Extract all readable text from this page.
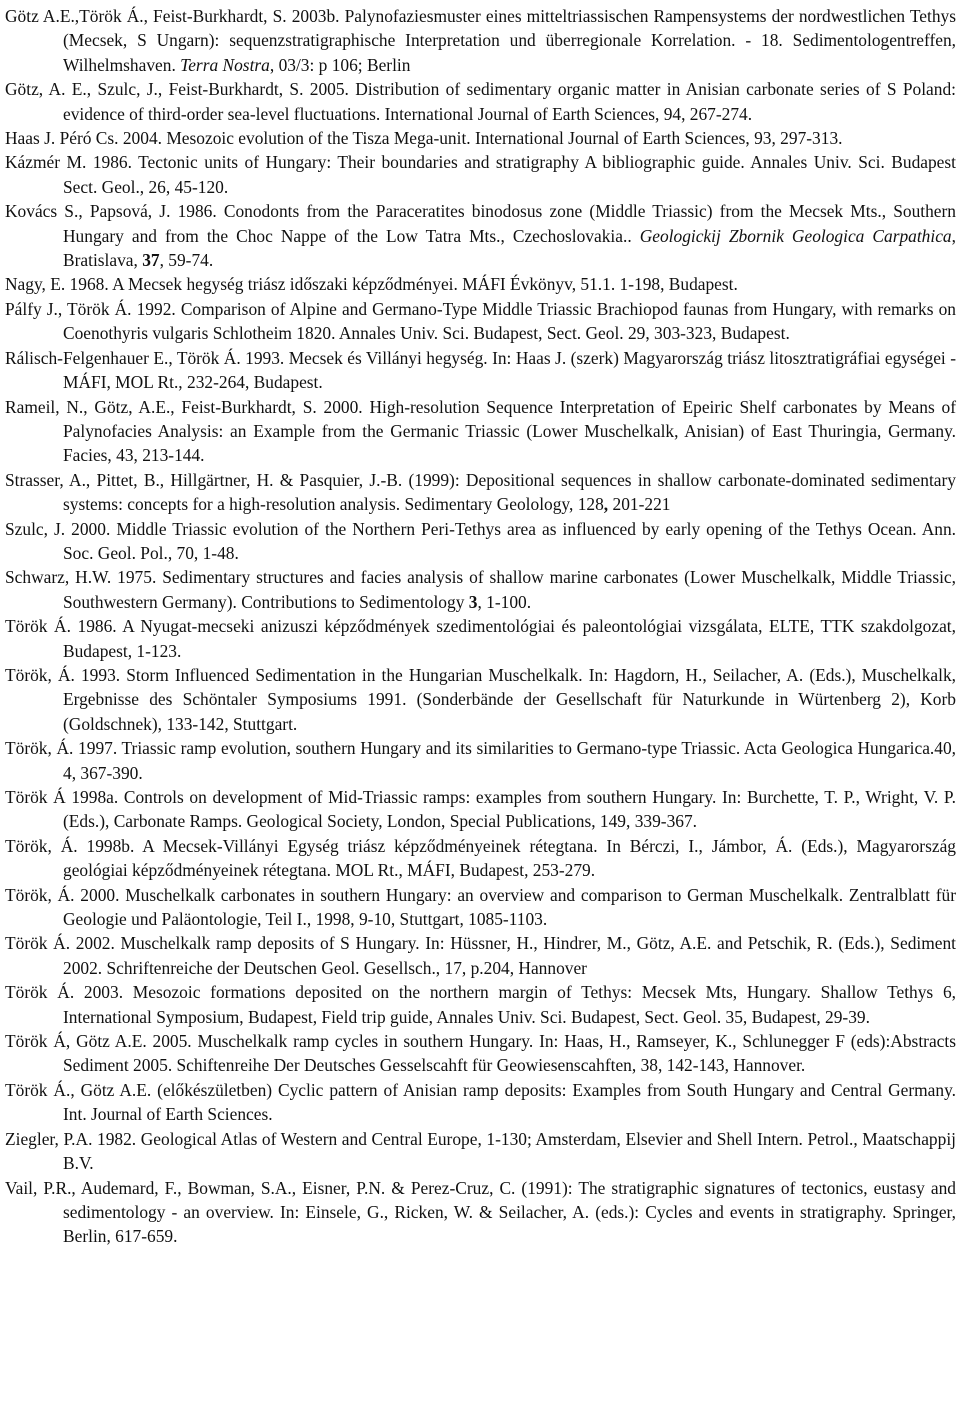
Götz A.E.,Török Á., Feist-Burkhardt, S. 2003b. Palynofaziesmuster eines mitteltriassischen Rampensystems der nordwestlichen Tethys (Mecsek, S Ungarn): sequenzstratigraphische Interpretation und überregionale Korrelation. - 18. Sedimentologentreffen, Wilhelmshaven. Terra Nostra, 03/3: p 106; Berlin

Götz, A. E., Szulc, J., Feist-Burkhardt, S. 2005. Distribution of sedimentary organic matter in Anisian carbonate series of S Poland: evidence of third-order sea-level fluctuations. International Journal of Earth Sciences, 94, 267-274.

Haas J. Péró Cs. 2004. Mesozoic evolution of the Tisza Mega-unit. International Journal of Earth Sciences, 93, 297-313.

Kázmér M. 1986. Tectonic units of Hungary: Their boundaries and stratigraphy A bibliographic guide. Annales Univ. Sci. Budapest Sect. Geol., 26, 45-120.

Kovács S., Papsová, J. 1986. Conodonts from the Paraceratites binodosus zone (Middle Triassic) from the Mecsek Mts., Southern Hungary and from the Choc Nappe of the Low Tatra Mts., Czechoslovakia.. Geologickij Zbornik Geologica Carpathica, Bratislava, 37, 59-74.

Nagy, E. 1968. A Mecsek hegység triász időszaki képződményei. MÁFI Évkönyv, 51.1. 1-198, Budapest.

Pálfy J., Török Á. 1992. Comparison of Alpine and Germano-Type Middle Triassic Brachiopod faunas from Hungary, with remarks on Coenothyris vulgaris Schlotheim 1820. Annales Univ. Sci. Budapest, Sect. Geol. 29, 303-323, Budapest.

Rálisch-Felgenhauer E., Török Á. 1993. Mecsek és Villányi hegység. In: Haas J. (szerk) Magyarország triász litosztratigráfiai egységei - MÁFI, MOL Rt., 232-264, Budapest.

Rameil, N., Götz, A.E., Feist-Burkhardt, S. 2000. High-resolution Sequence Interpretation of Epeiric Shelf carbonates by Means of Palynofacies Analysis: an Example from the Germanic Triassic (Lower Muschelkalk, Anisian) of East Thuringia, Germany. Facies, 43, 213-144.

Strasser, A., Pittet, B., Hillgärtner, H. & Pasquier, J.-B. (1999): Depositional sequences in shallow carbonate-dominated sedimentary systems: concepts for a high-resolution analysis. Sedimentary Geolology, 128, 201-221

Szulc, J. 2000. Middle Triassic evolution of the Northern Peri-Tethys area as influenced by early opening of the Tethys Ocean. Ann. Soc. Geol. Pol., 70, 1-48.

Schwarz, H.W. 1975. Sedimentary structures and facies analysis of shallow marine carbonates (Lower Muschelkalk, Middle Triassic, Southwestern Germany). Contributions to Sedimentology 3, 1-100.

Török Á. 1986. A Nyugat-mecseki anizuszi képződmények szedimentológiai és paleontológiai vizsgálata, ELTE, TTK szakdolgozat, Budapest, 1-123.

Török, Á. 1993. Storm Influenced Sedimentation in the Hungarian Muschelkalk. In: Hagdorn, H., Seilacher, A. (Eds.), Muschelkalk, Ergebnisse des Schöntaler Symposiums 1991. (Sonderbände der Gesellschaft für Naturkunde in Würtenberg 2), Korb (Goldschnek), 133-142, Stuttgart.

Török, Á. 1997. Triassic ramp evolution, southern Hungary and its similarities to Germano-type Triassic. Acta Geologica Hungarica.40, 4, 367-390.

Török Á 1998a. Controls on development of Mid-Triassic ramps: examples from southern Hungary. In: Burchette, T. P., Wright, V. P. (Eds.), Carbonate Ramps. Geological Society, London, Special Publications, 149, 339-367.

Török, Á. 1998b. A Mecsek-Villányi Egység triász képződményeinek rétegtana. In Bérczi, I., Jámbor, Á. (Eds.), Magyarország geológiai képződményeinek rétegtana. MOL Rt., MÁFI, Budapest, 253-279.

Török, Á. 2000. Muschelkalk carbonates in southern Hungary: an overview and comparison to German Muschelkalk. Zentralblatt für Geologie und Paläontologie, Teil I., 1998, 9-10, Stuttgart, 1085-1103.

Török Á. 2002. Muschelkalk ramp deposits of S Hungary. In: Hüssner, H., Hindrer, M., Götz, A.E. and Petschik, R. (Eds.), Sediment 2002. Schriftenreiche der Deutschen Geol. Gesellsch., 17, p.204, Hannover

Török Á. 2003. Mesozoic formations deposited on the northern margin of Tethys: Mecsek Mts, Hungary. Shallow Tethys 6, International Symposium, Budapest, Field trip guide, Annales Univ. Sci. Budapest, Sect. Geol. 35, Budapest, 29-39.

Török Á, Götz A.E. 2005. Muschelkalk ramp cycles in southern Hungary. In: Haas, H., Ramseyer, K., Schlunegger F (eds):Abstracts Sediment 2005. Schiftenreihe Der Deutsches Gesselscahft für Geowiesenscahften, 38, 142-143, Hannover.

Török Á., Götz A.E. (előkészületben) Cyclic pattern of Anisian ramp deposits: Examples from South Hungary and Central Germany. Int. Journal of Earth Sciences.

Ziegler, P.A. 1982. Geological Atlas of Western and Central Europe, 1-130; Amsterdam, Elsevier and Shell Intern. Petrol., Maatschappij B.V.

Vail, P.R., Audemard, F., Bowman, S.A., Eisner, P.N. & Perez-Cruz, C. (1991): The stratigraphic signatures of tectonics, eustasy and sedimentology - an overview. In: Einsele, G., Ricken, W. & Seilacher, A. (eds.): Cycles and events in stratigraphy. Springer, Berlin, 617-659.
